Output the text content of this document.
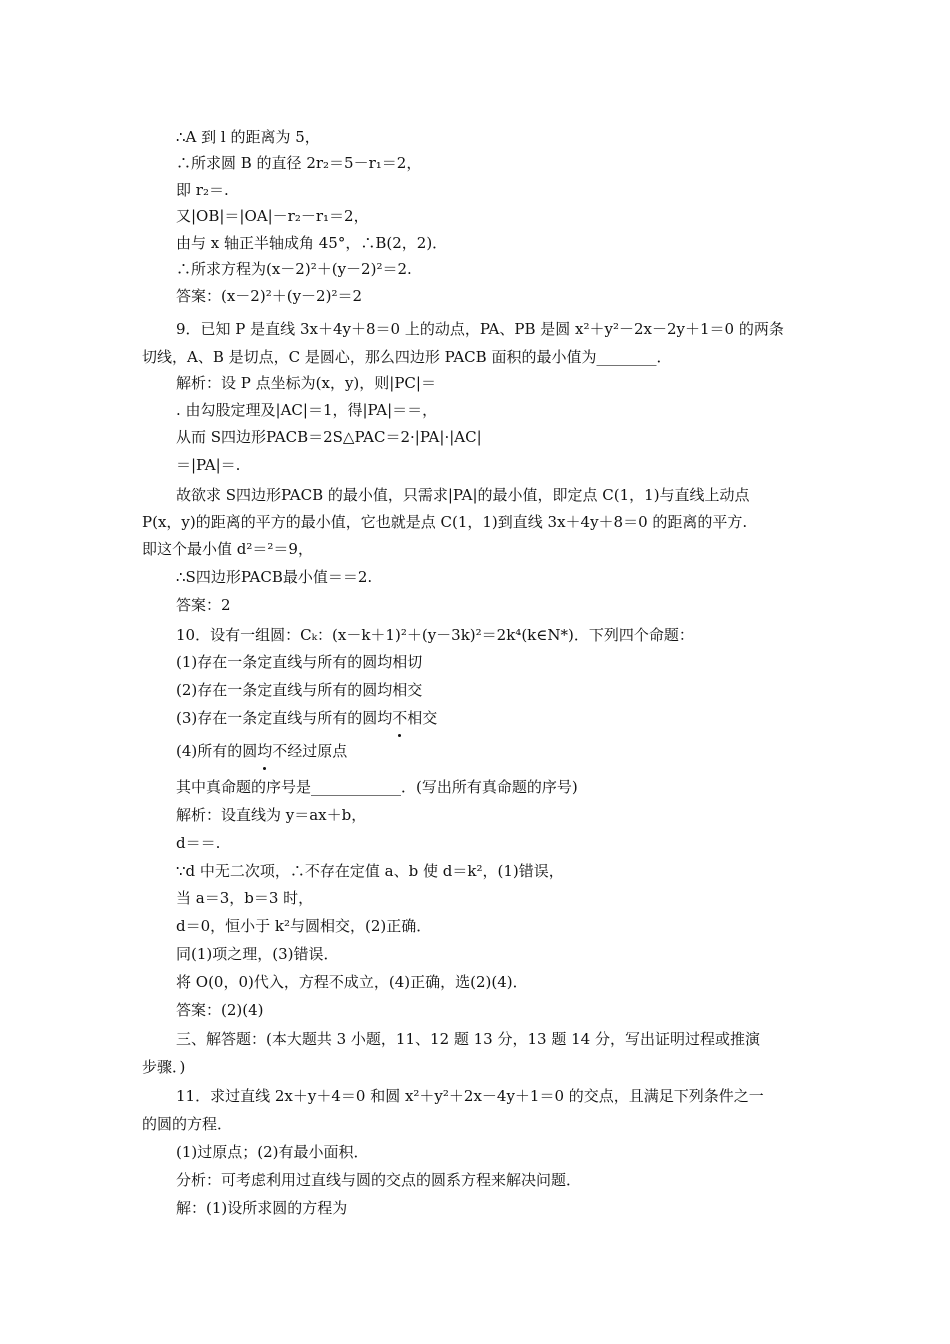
∴A 到 l 的距离为 5，
∴所求圆 B 的直径 2r₂＝5－r₁＝2，
即 r₂＝.
又|OB|＝|OA|－r₂－r₁＝2，
由与 x 轴正半轴成角 45°，∴B(2，2)．
∴所求方程为(x－2)²＋(y－2)²＝2.
答案：(x－2)²＋(y－2)²＝2
9．已知 P 是直线 3x＋4y＋8＝0 上的动点，PA、PB 是圆 x²＋y²－2x－2y＋1＝0 的两条
切线，A、B 是切点，C 是圆心，那么四边形 PACB 面积的最小值为________．
解析：设 P 点坐标为(x，y)，则|PC|＝
. 由勾股定理及|AC|＝1，得|PA|＝＝，
从而 S四边形PACB＝2S△PAC＝2·|PA|·|AC|
＝|PA|＝.
故欲求 S四边形PACB 的最小值，只需求|PA|的最小值，即定点 C(1，1)与直线上动点
P(x，y)的距离的平方的最小值，它也就是点 C(1，1)到直线 3x＋4y＋8＝0 的距离的平方.
即这个最小值 d²＝²＝9，
∴S四边形PACB最小值＝＝2.
答案：2
10．设有一组圆：Cₖ：(x－k＋1)²＋(y－3k)²＝2k⁴(k∈N*)．下列四个命题：
(1)存在一条定直线与所有的圆均相切
(2)存在一条定直线与所有的圆均相交
(4)所有的圆均不经过原点
其中真命题的序号是____________．(写出所有真命题的序号)
解析：设直线为 y＝ax＋b，
d＝＝.
∵d 中无二次项，∴不存在定值 a、b 使 d＝k²，(1)错误，
当 a＝3，b＝3 时，
d＝0，恒小于 k²与圆相交，(2)正确．
同(1)项之理，(3)错误．
将 O(0，0)代入，方程不成立，(4)正确，选(2)(4)．
答案：(2)(4)
三、解答题：(本大题共 3 小题，11、12 题 13 分，13 题 14 分，写出证明过程或推演
步骤．)
11．求过直线 2x＋y＋4＝0 和圆 x²＋y²＋2x－4y＋1＝0 的交点，且满足下列条件之一
的圆的方程．
(1)过原点；(2)有最小面积．
分析：可考虑利用过直线与圆的交点的圆系方程来解决问题．
解：(1)设所求圆的方程为
(3)存在一条定直线与所有的圆均不相交
